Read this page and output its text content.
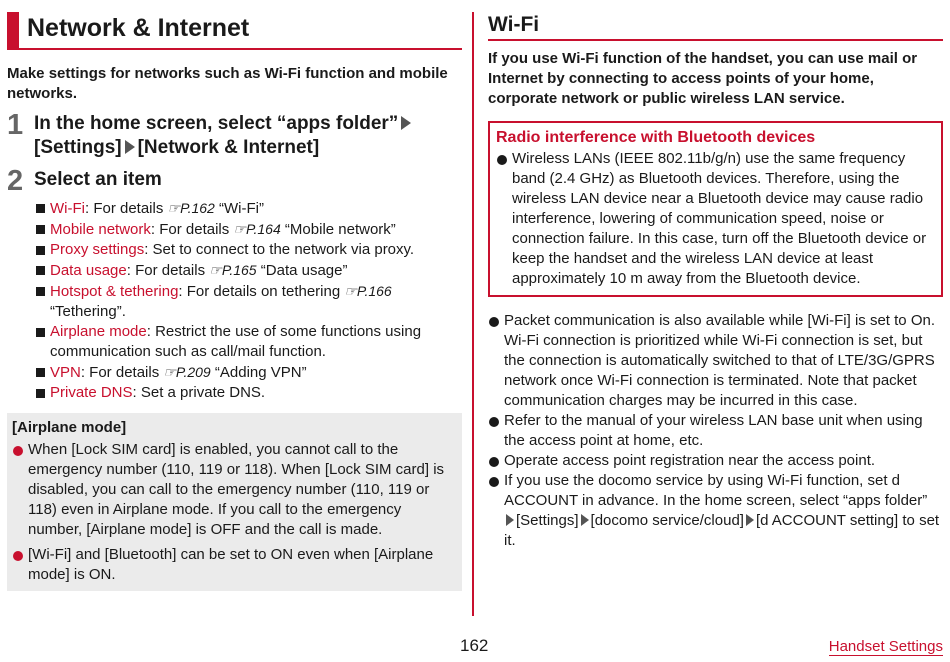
Network & Internet
Make settings for networks such as Wi-Fi function and mobile networks.
1 In the home screen, select “apps folder”
[Settings] [Network & Internet]
2 Select an item
Wi-Fi: For details ☞P.162 “Wi-Fi”
Mobile network: For details ☞P.164 “Mobile network”
Proxy settings: Set to connect to the network via proxy.
Data usage: For details ☞P.165 “Data usage”
Hotspot & tethering: For details on tethering ☞P.166 “Tethering”.
Airplane mode: Restrict the use of some functions using communication such as call/mail function.
VPN: For details ☞P.209 “Adding VPN”
Private DNS: Set a private DNS.
[Airplane mode]
When [Lock SIM card] is enabled, you cannot call to the emergency number (110, 119 or 118). When [Lock SIM card] is disabled, you can call to the emergency number (110, 119 or 118) even in Airplane mode. If you call to the emergency number, [Airplane mode] is OFF and the call is made.
[Wi-Fi] and [Bluetooth] can be set to ON even when [Airplane mode] is ON.
Wi-Fi
If you use Wi-Fi function of the handset, you can use mail or Internet by connecting to access points of your home, corporate network or public wireless LAN service.
Radio interference with Bluetooth devices
Wireless LANs (IEEE 802.11b/g/n) use the same frequency band (2.4 GHz) as Bluetooth devices. Therefore, using the wireless LAN device near a Bluetooth device may cause radio interference, lowering of communication speed, noise or connection failure. In this case, turn off the Bluetooth device or keep the handset and the wireless LAN device at least approximately 10 m away from the Bluetooth device.
Packet communication is also available while [Wi-Fi] is set to On. Wi-Fi connection is prioritized while Wi-Fi connection is set, but the connection is automatically switched to that of LTE/3G/GPRS network once Wi-Fi connection is terminated. Note that packet communication charges may be incurred in this case.
Refer to the manual of your wireless LAN base unit when using the access point at home, etc.
Operate access point registration near the access point.
If you use the docomo service by using Wi-Fi function, set d ACCOUNT in advance. In the home screen, select “apps folder”
[Settings] [docomo service/cloud] [d ACCOUNT setting] to set it.
162	Handset Settings
